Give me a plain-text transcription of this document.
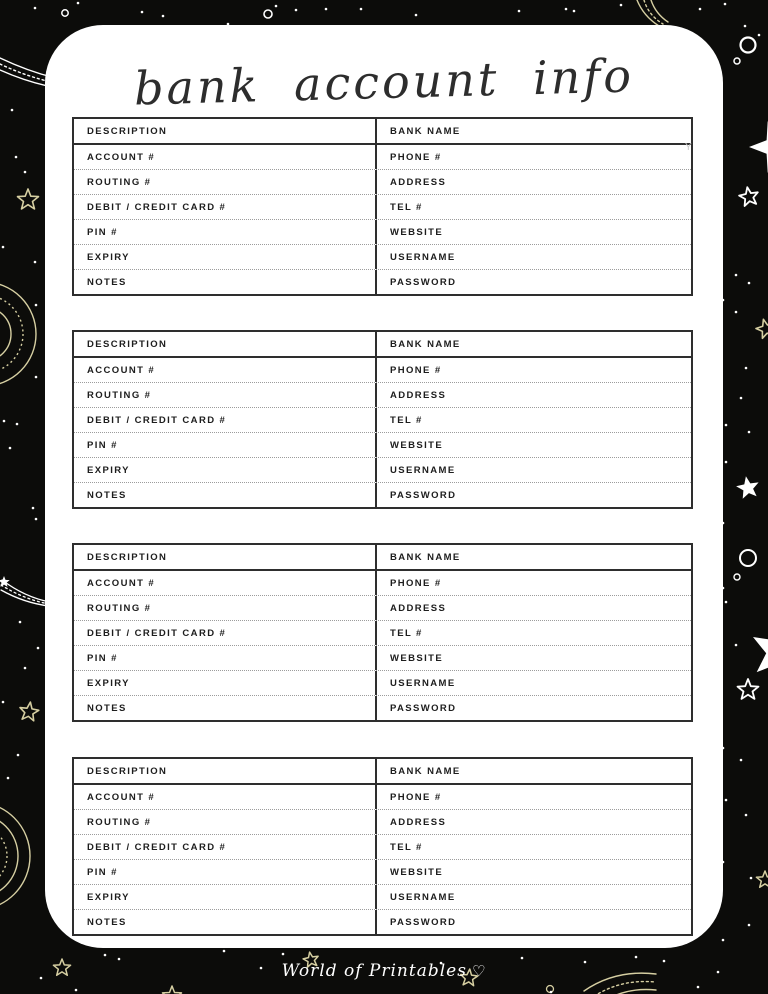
bank account info
DESCRIPTION	BANK NAME
ACCOUNT #	PHONE #
ROUTING #	ADDRESS
DEBIT / CREDIT CARD #	TEL #
PIN #	WEBSITE
EXPIRY	USERNAME
NOTES	PASSWORD
DESCRIPTION	BANK NAME
ACCOUNT #	PHONE #
ROUTING #	ADDRESS
DEBIT / CREDIT CARD #	TEL #
PIN #	WEBSITE
EXPIRY	USERNAME
NOTES	PASSWORD
DESCRIPTION	BANK NAME
ACCOUNT #	PHONE #
ROUTING #	ADDRESS
DEBIT / CREDIT CARD #	TEL #
PIN #	WEBSITE
EXPIRY	USERNAME
NOTES	PASSWORD
DESCRIPTION	BANK NAME
ACCOUNT #	PHONE #
ROUTING #	ADDRESS
DEBIT / CREDIT CARD #	TEL #
PIN #	WEBSITE
EXPIRY	USERNAME
NOTES	PASSWORD
Y
World of Printables ♡
